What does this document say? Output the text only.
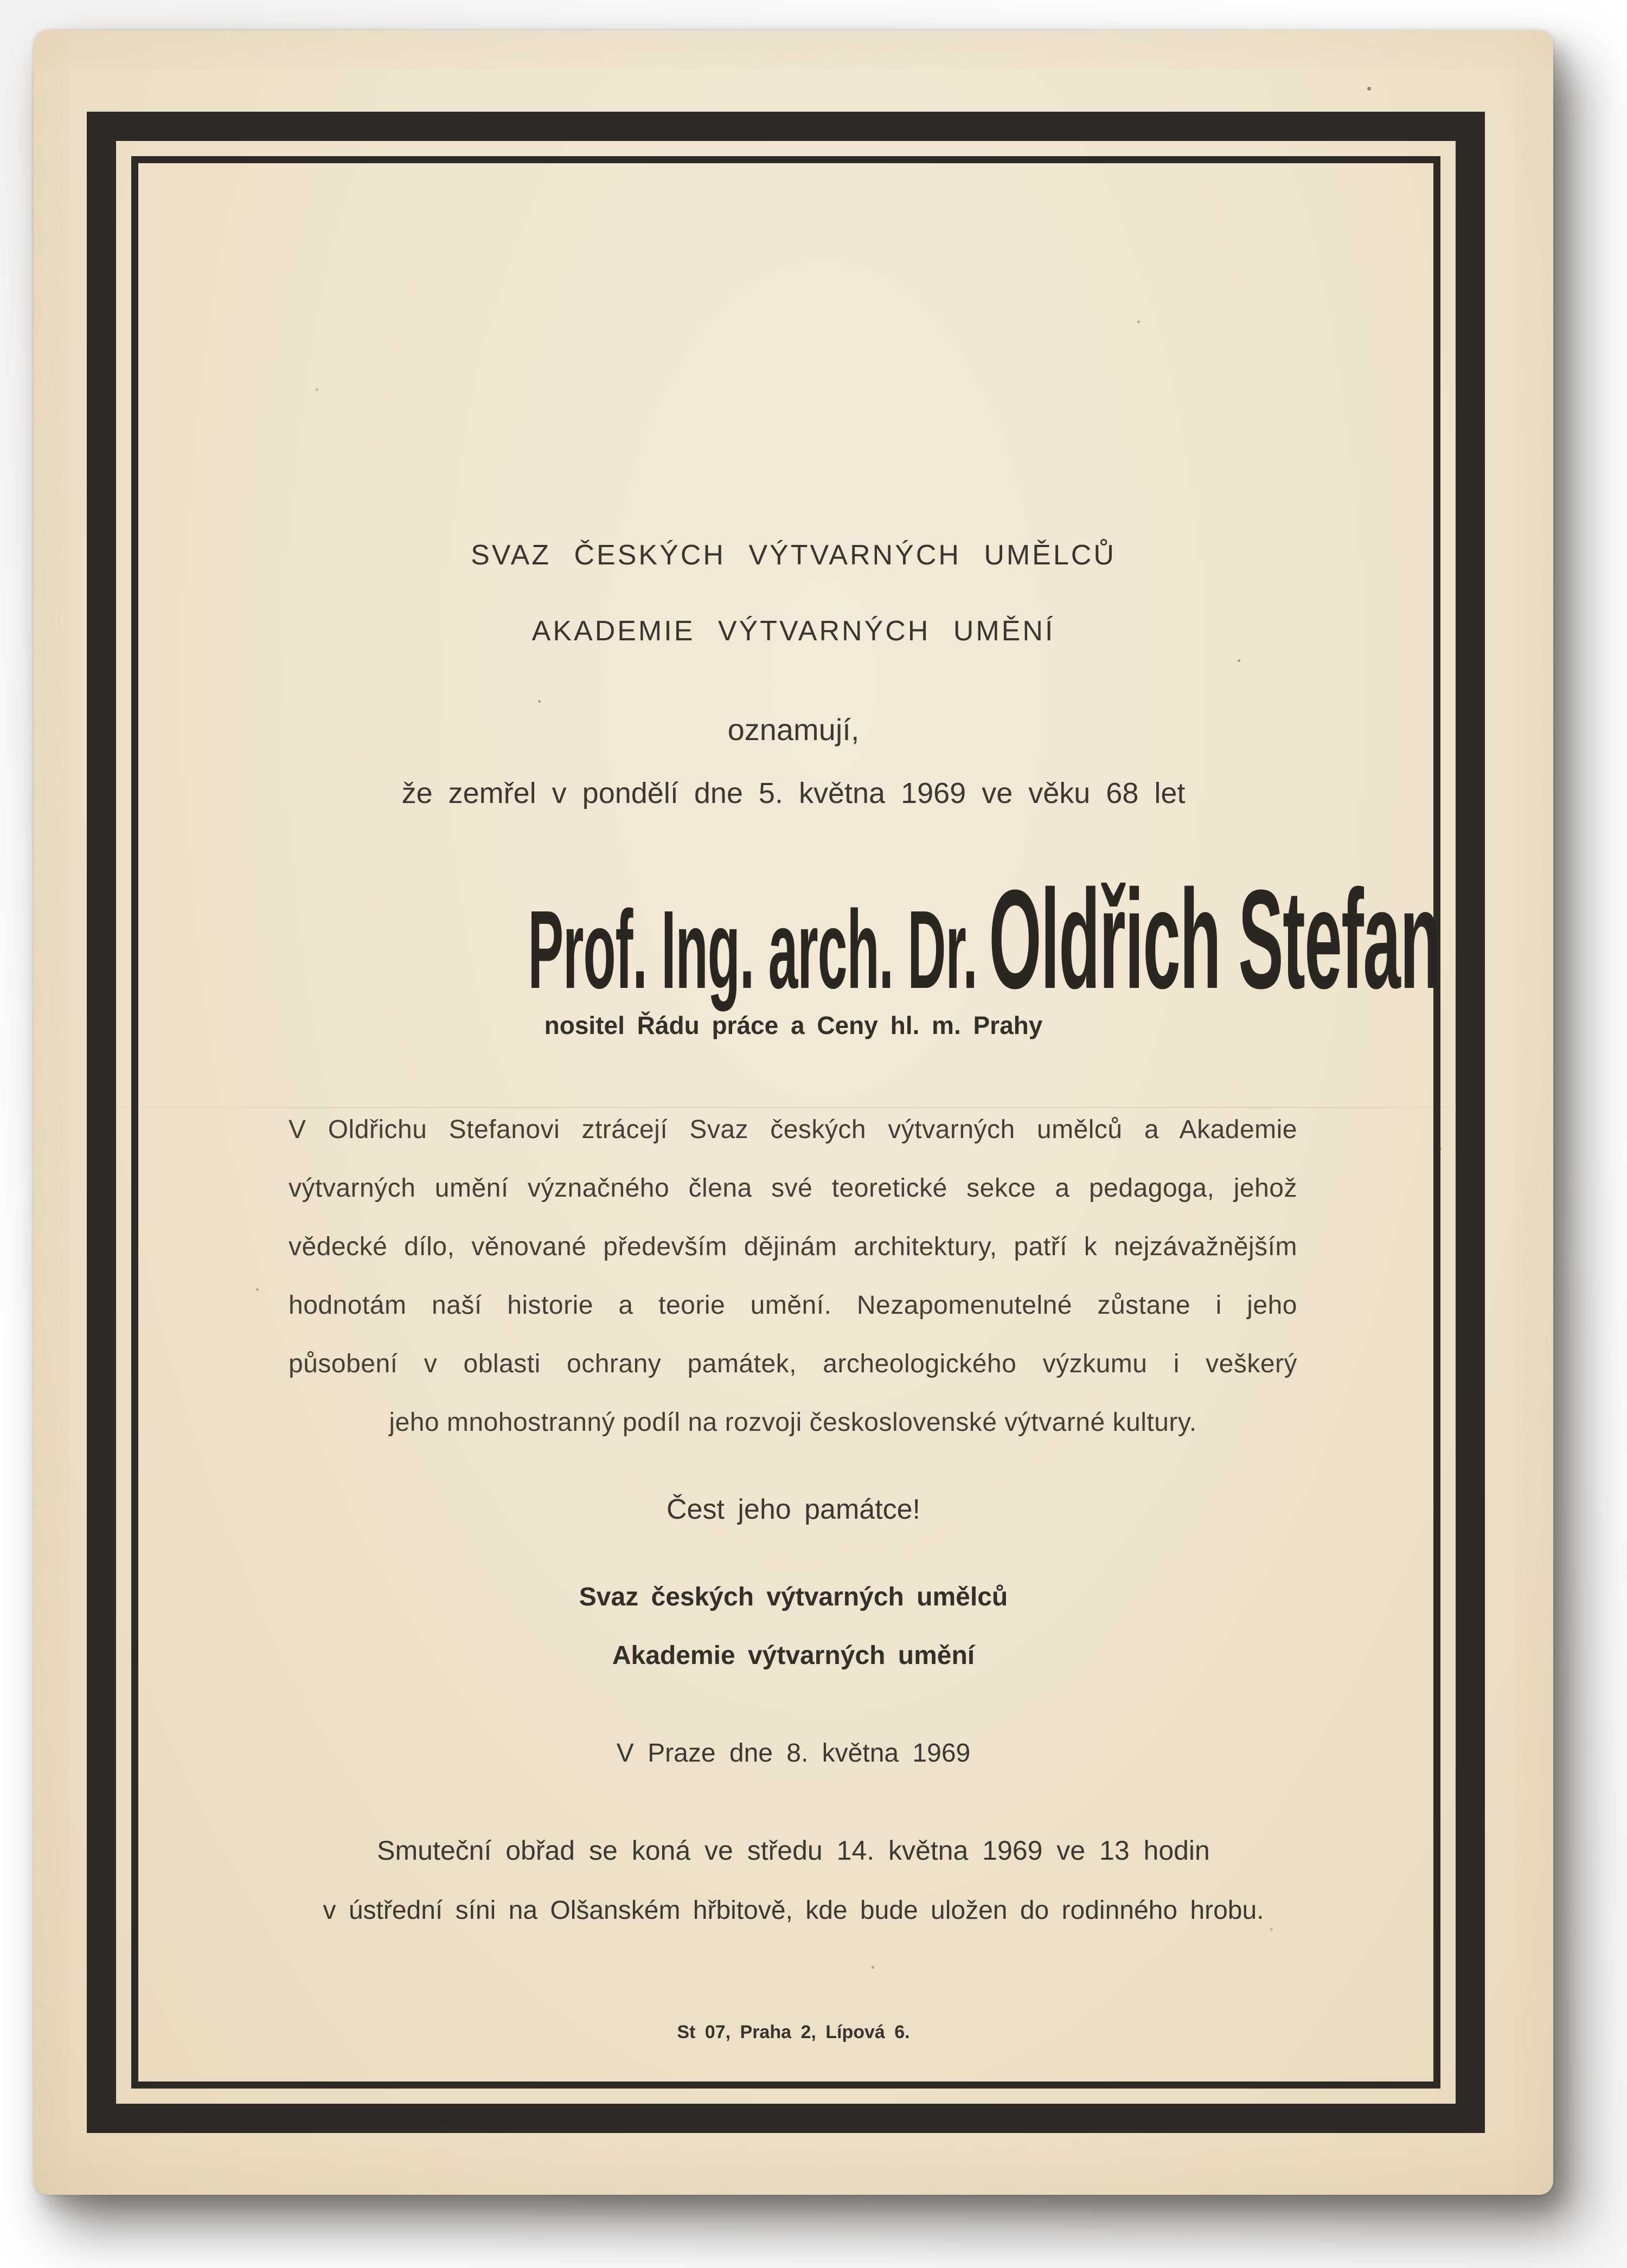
SVAZ ČESKÝCH VÝTVARNÝCH UMĚLCŮ
AKADEMIE VÝTVARNÝCH UMĚNÍ
oznamují,
že zemřel v pondělí dne 5. května 1969 ve věku 68 let
Prof. Ing. arch. Dr.Oldřich Stefan
nositel Řádu práce a Ceny hl. m. Prahy
V Oldřichu Stefanovi ztrácejí Svaz českých výtvarných umělců a Akademie
výtvarných umění význačného člena své teoretické sekce a pedagoga, jehož
vědecké dílo, věnované především dějinám architektury, patří k nejzávažnějším
hodnotám naší historie a teorie umění. Nezapomenutelné zůstane i jeho
působení v oblasti ochrany památek, archeologického výzkumu i veškerý
jeho mnohostranný podíl na rozvoji československé výtvarné kultury.
Čest jeho památce!
Svaz českých výtvarných umělců
Akademie výtvarných umění
V Praze dne 8. května 1969
Smuteční obřad se koná ve středu 14. května 1969 ve 13 hodin
v ústřední síni na Olšanském hřbitově, kde bude uložen do rodinného hrobu.
St 07, Praha 2, Lípová 6.
